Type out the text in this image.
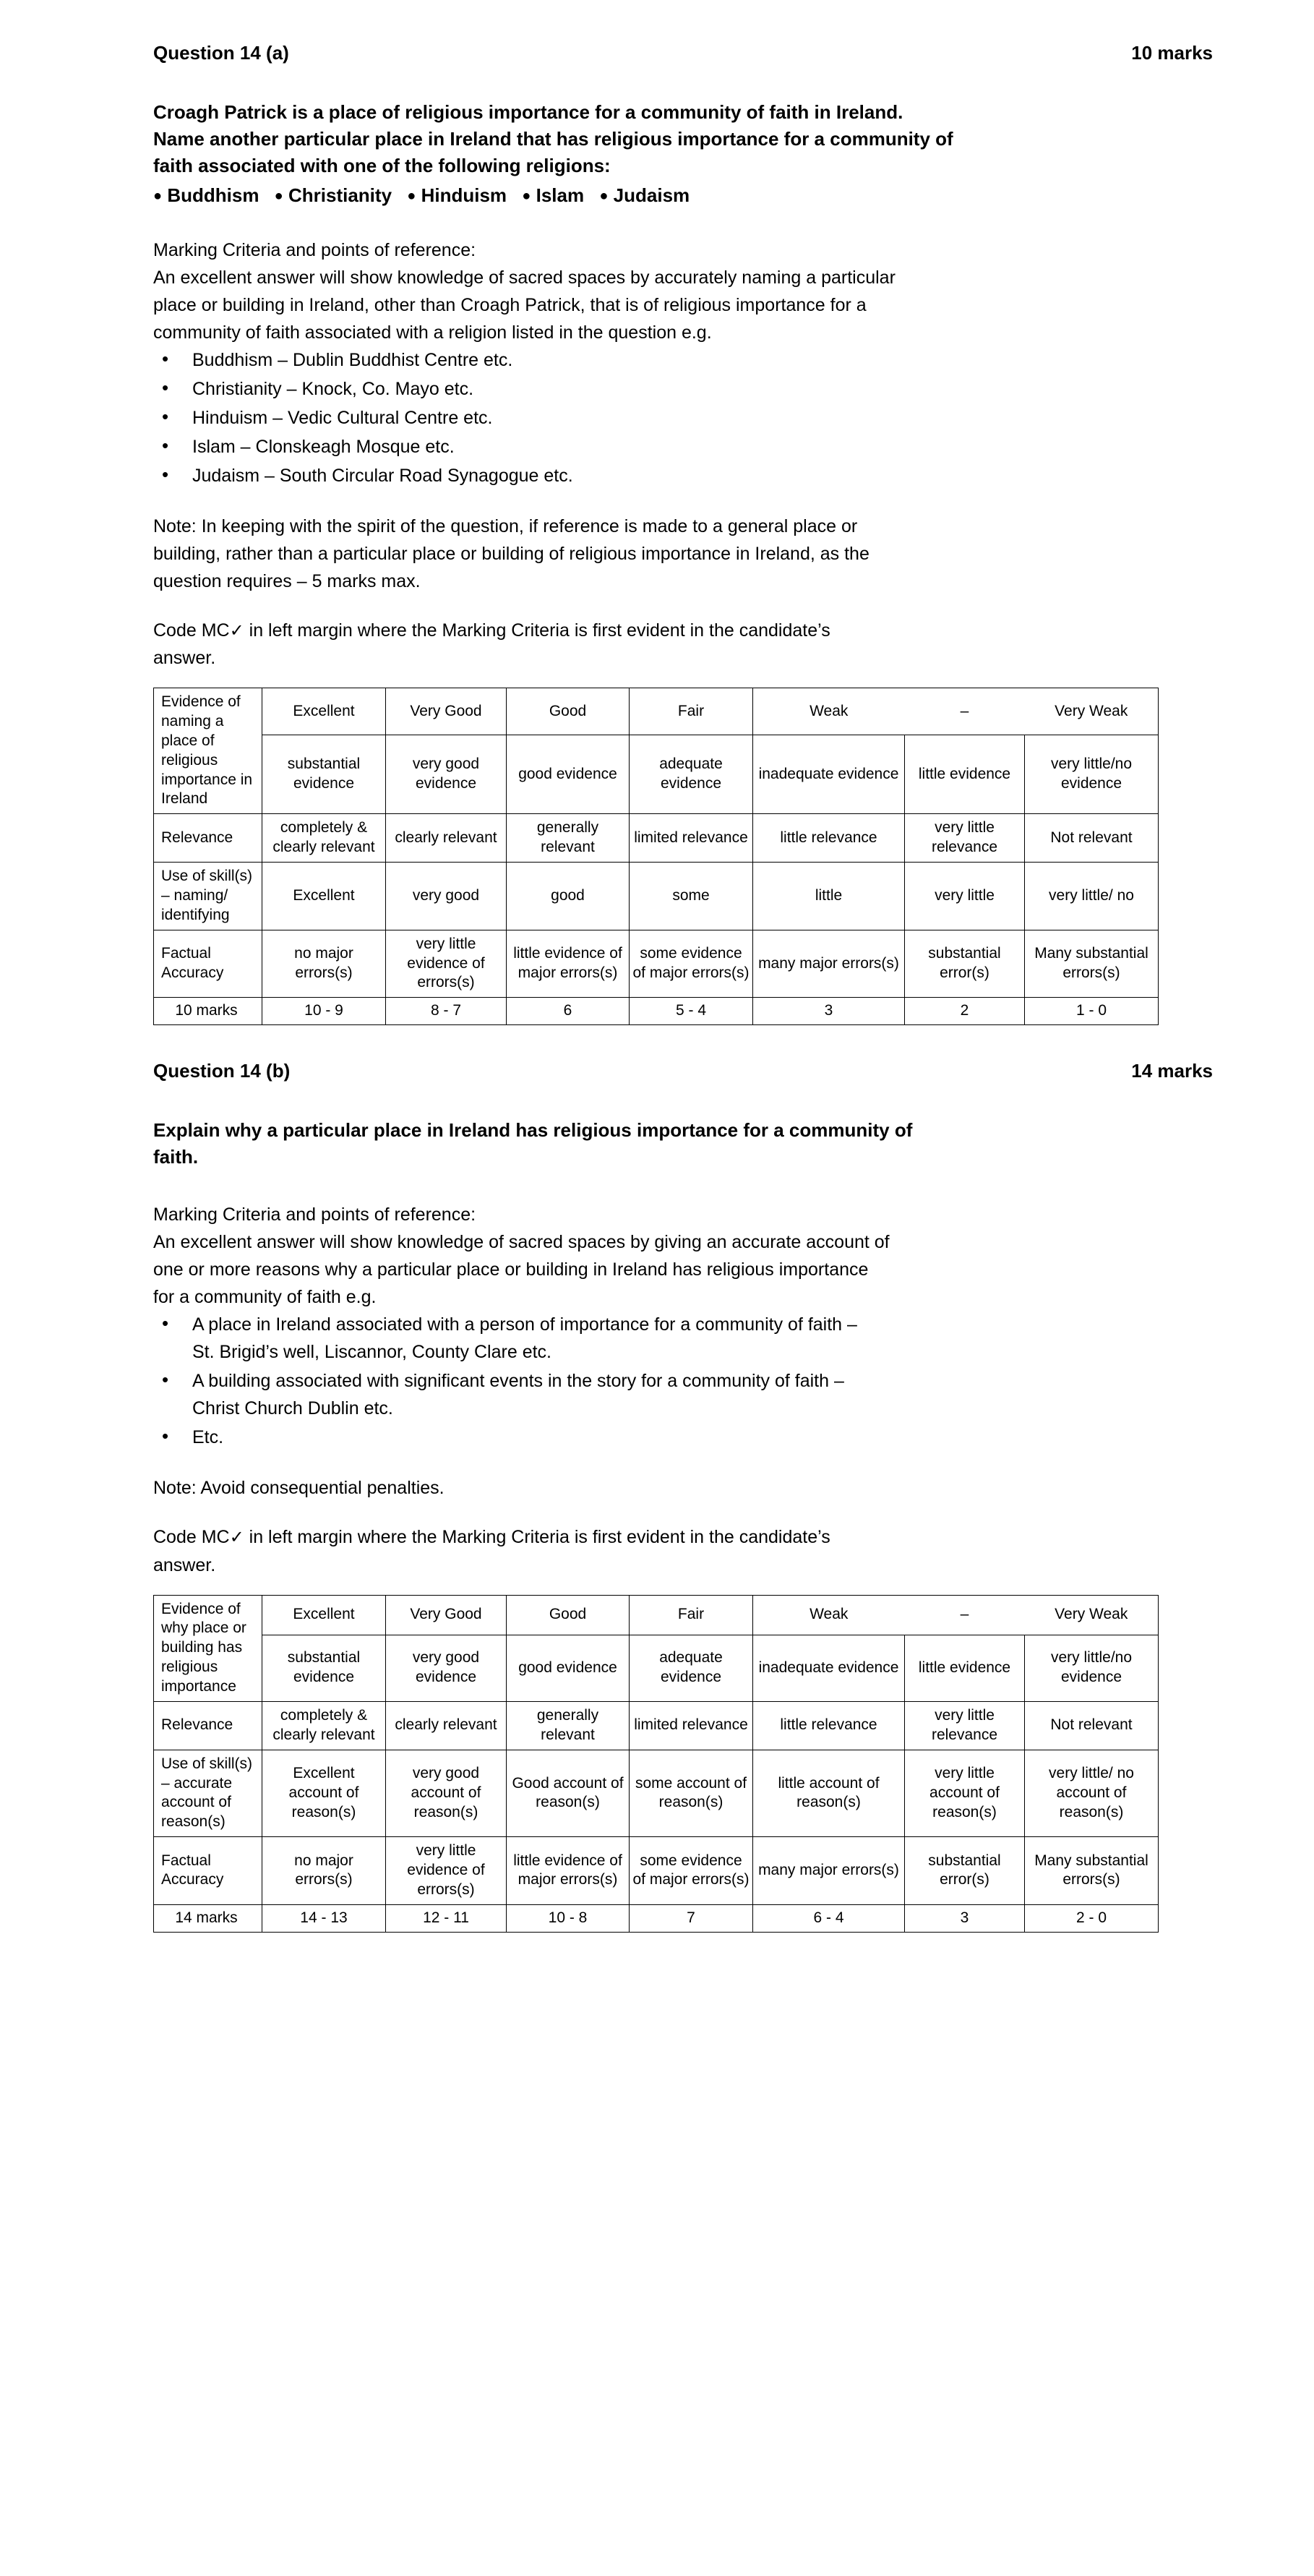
Question 14 (a)	10 marks
Croagh Patrick is a place of religious importance for a community of faith in Ireland.
Name another particular place in Ireland that has religious importance for a community of
faith associated with one of the following religions:
● Buddhism ● Christianity ● Hinduism ● Islam ● Judaism

Marking Criteria and points of reference:

An excellent answer will show knowledge of sacred spaces by accurately naming a particular

place or building in Ireland, other than Croagh Patrick, that is of religious importance for a

community of faith associated with a religion listed in the question e.g.

• Buddhism – Dublin Buddhist Centre etc.
• Christianity – Knock, Co. Mayo etc.
• Hinduism – Vedic Cultural Centre etc.
• Islam – Clonskeagh Mosque etc.
• Judaism – South Circular Road Synagogue etc.

Note: In keeping with the spirit of the question, if reference is made to a general place or

building, rather than a particular place or building of religious importance in Ireland, as the

question requires – 5 marks max.

Code MC✓ in left margin where the Marking Criteria is first evident in the candidate’s

answer.

Evidence of naming a place of religious importance in Ireland	Excellent	Very Good	Good	Fair	Weak	–	Very Weak
	substantial evidence	very good evidence	good evidence	adequate evidence	inadequate evidence	little evidence	very little/no evidence
Relevance	completely & clearly relevant	clearly relevant	generally relevant	limited relevance	little relevance	very little relevance	Not relevant
Use of skill(s) – naming/ identifying	Excellent	very good	good	some	little	very little	very little/ no
Factual Accuracy	no major errors(s)	very little evidence of errors(s)	little evidence of major errors(s)	some evidence of major errors(s)	many major errors(s)	substantial error(s)	Many substantial errors(s)
10 marks	10 - 9	8 - 7	6	5 - 4	3	2	1 - 0
Question 14 (b)	14 marks
Explain why a particular place in Ireland has religious importance for a community of
faith.

Marking Criteria and points of reference:

An excellent answer will show knowledge of sacred spaces by giving an accurate account of

one or more reasons why a particular place or building in Ireland has religious importance

for a community of faith e.g.

• A place in Ireland associated with a person of importance for a community of faith –
St. Brigid’s well, Liscannor, County Clare etc.
• A building associated with significant events in the story for a community of faith –
Christ Church Dublin etc.
• Etc.

Note: Avoid consequential penalties.

Code MC✓ in left margin where the Marking Criteria is first evident in the candidate’s

answer.

Evidence of why place or building has religious importance	Excellent	Very Good	Good	Fair	Weak	–	Very Weak
	substantial evidence	very good evidence	good evidence	adequate evidence	inadequate evidence	little evidence	very little/no evidence
Relevance	completely & clearly relevant	clearly relevant	generally relevant	limited relevance	little relevance	very little relevance	Not relevant
Use of skill(s) – accurate account of reason(s)	Excellent account of reason(s)	very good account of reason(s)	Good account of reason(s)	some account of reason(s)	little account of reason(s)	very little account of reason(s)	very little/ no account of reason(s)
Factual Accuracy	no major errors(s)	very little evidence of errors(s)	little evidence of major errors(s)	some evidence of major errors(s)	many major errors(s)	substantial error(s)	Many substantial errors(s)
14 marks	14 - 13	12 - 11	10 - 8	7	6 - 4	3	2 - 0
